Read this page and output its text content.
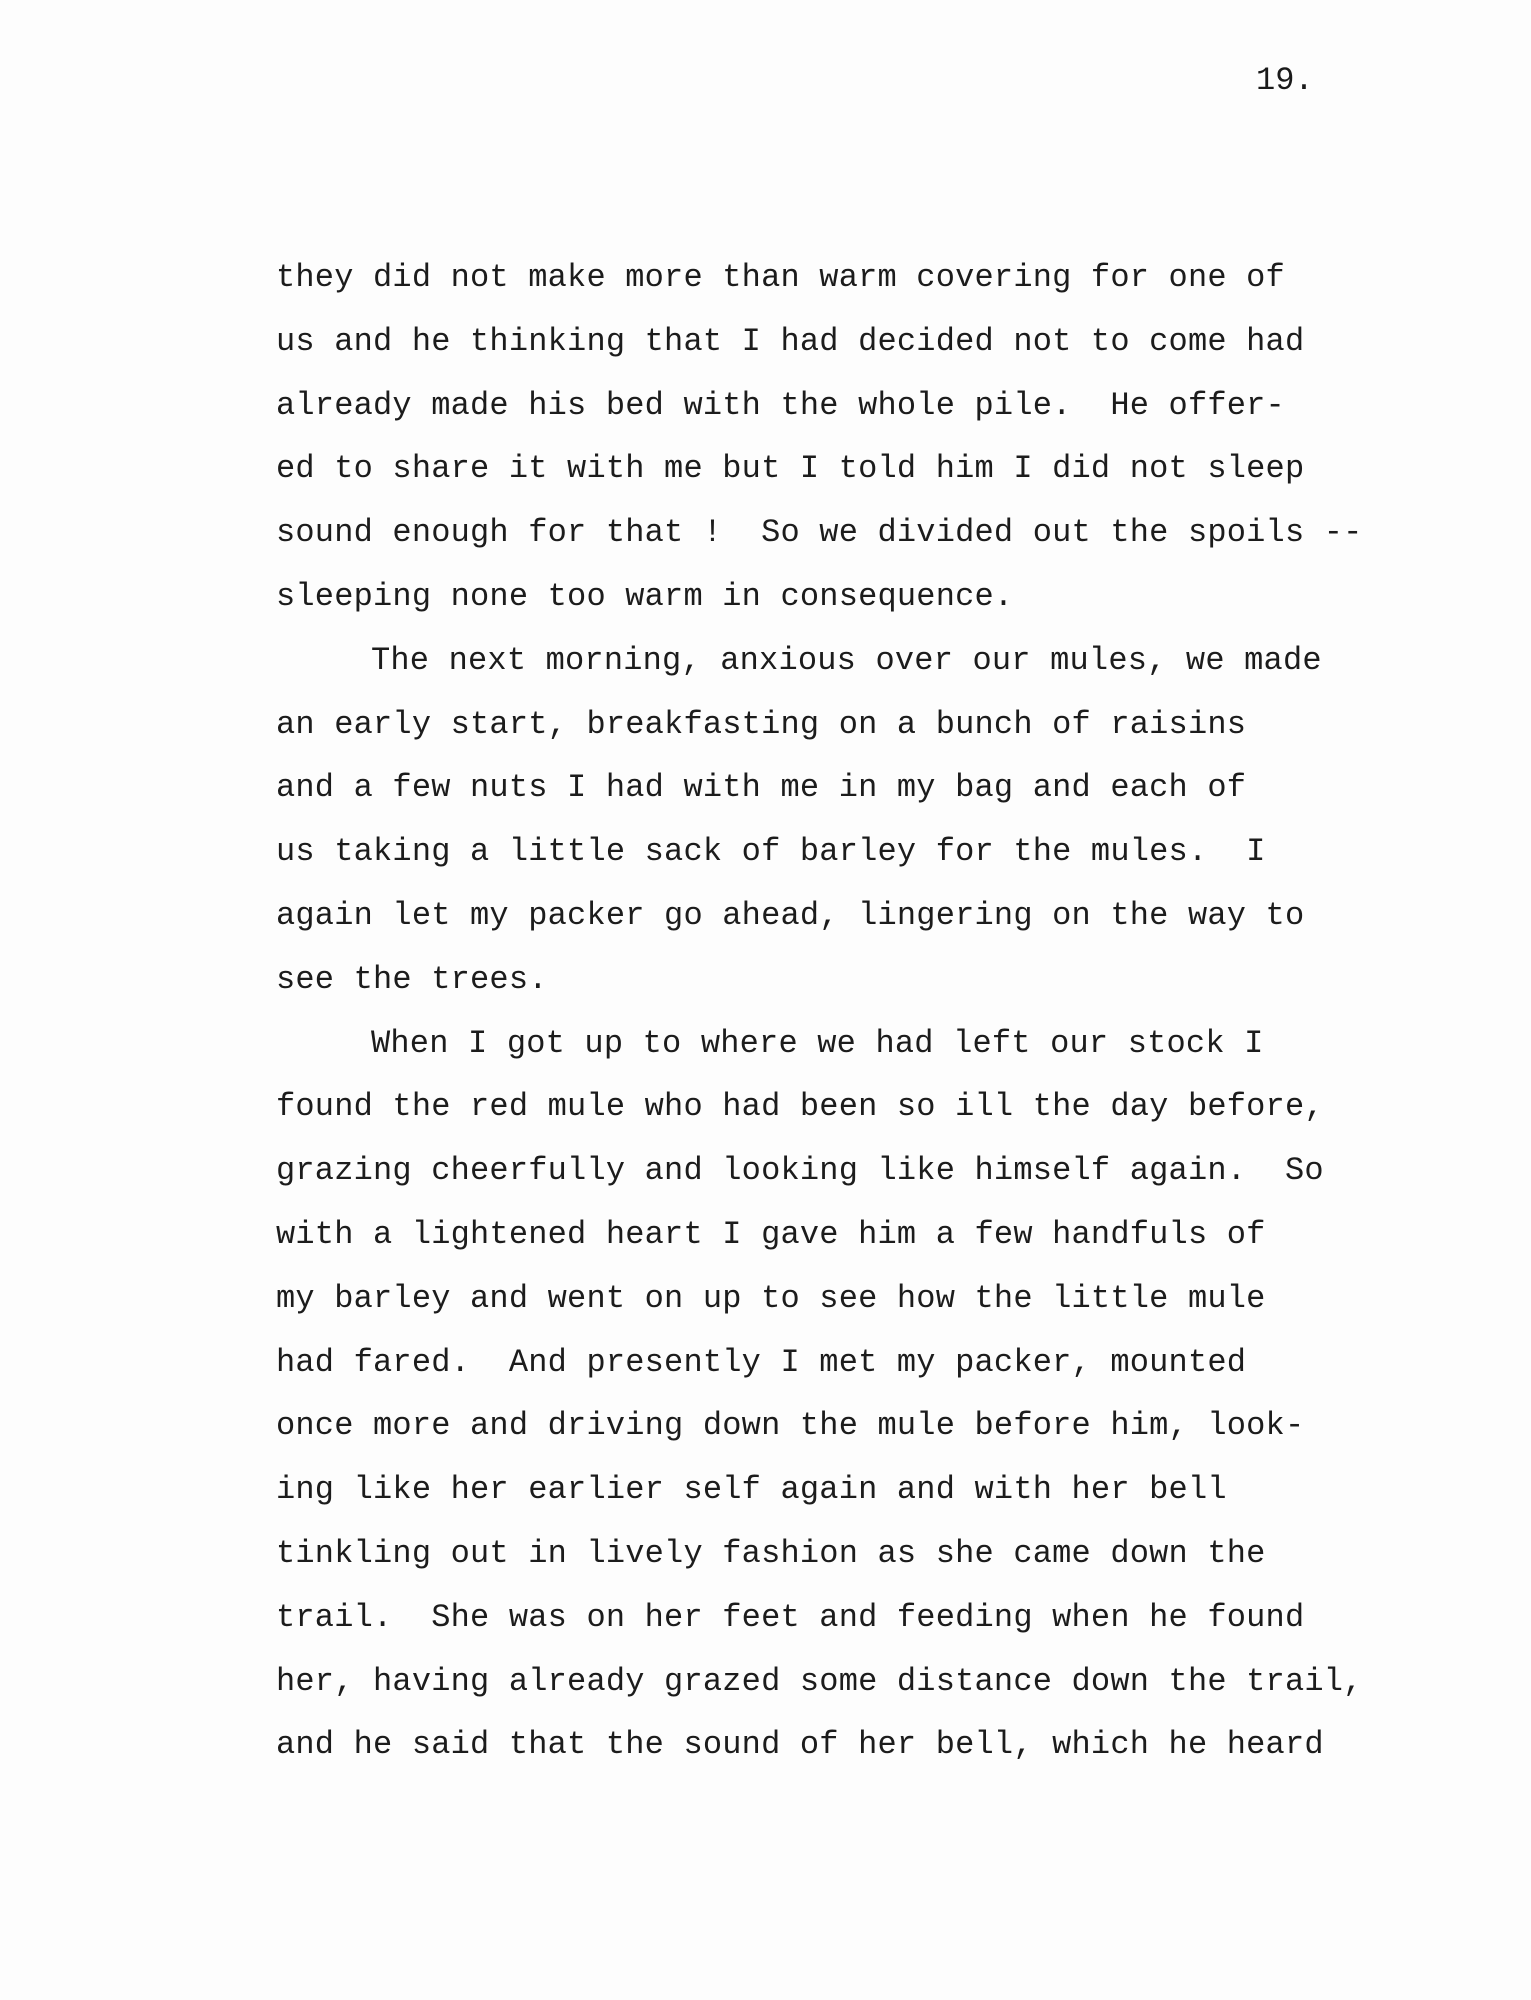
19.
they did not make more than warm covering for one of
us and he thinking that I had decided not to come had
already made his bed with the whole pile.  He offer-
ed to share it with me but I told him I did not sleep
sound enough for that !  So we divided out the spoils --
sleeping none too warm in consequence.
The next morning, anxious over our mules, we made
an early start, breakfasting on a bunch of raisins
and a few nuts I had with me in my bag and each of
us taking a little sack of barley for the mules.  I
again let my packer go ahead, lingering on the way to
see the trees.
When I got up to where we had left our stock I
found the red mule who had been so ill the day before,
grazing cheerfully and looking like himself again.  So
with a lightened heart I gave him a few handfuls of
my barley and went on up to see how the little mule
had fared.  And presently I met my packer, mounted
once more and driving down the mule before him, look-
ing like her earlier self again and with her bell
tinkling out in lively fashion as she came down the
trail.  She was on her feet and feeding when he found
her, having already grazed some distance down the trail,
and he said that the sound of her bell, which he heard
